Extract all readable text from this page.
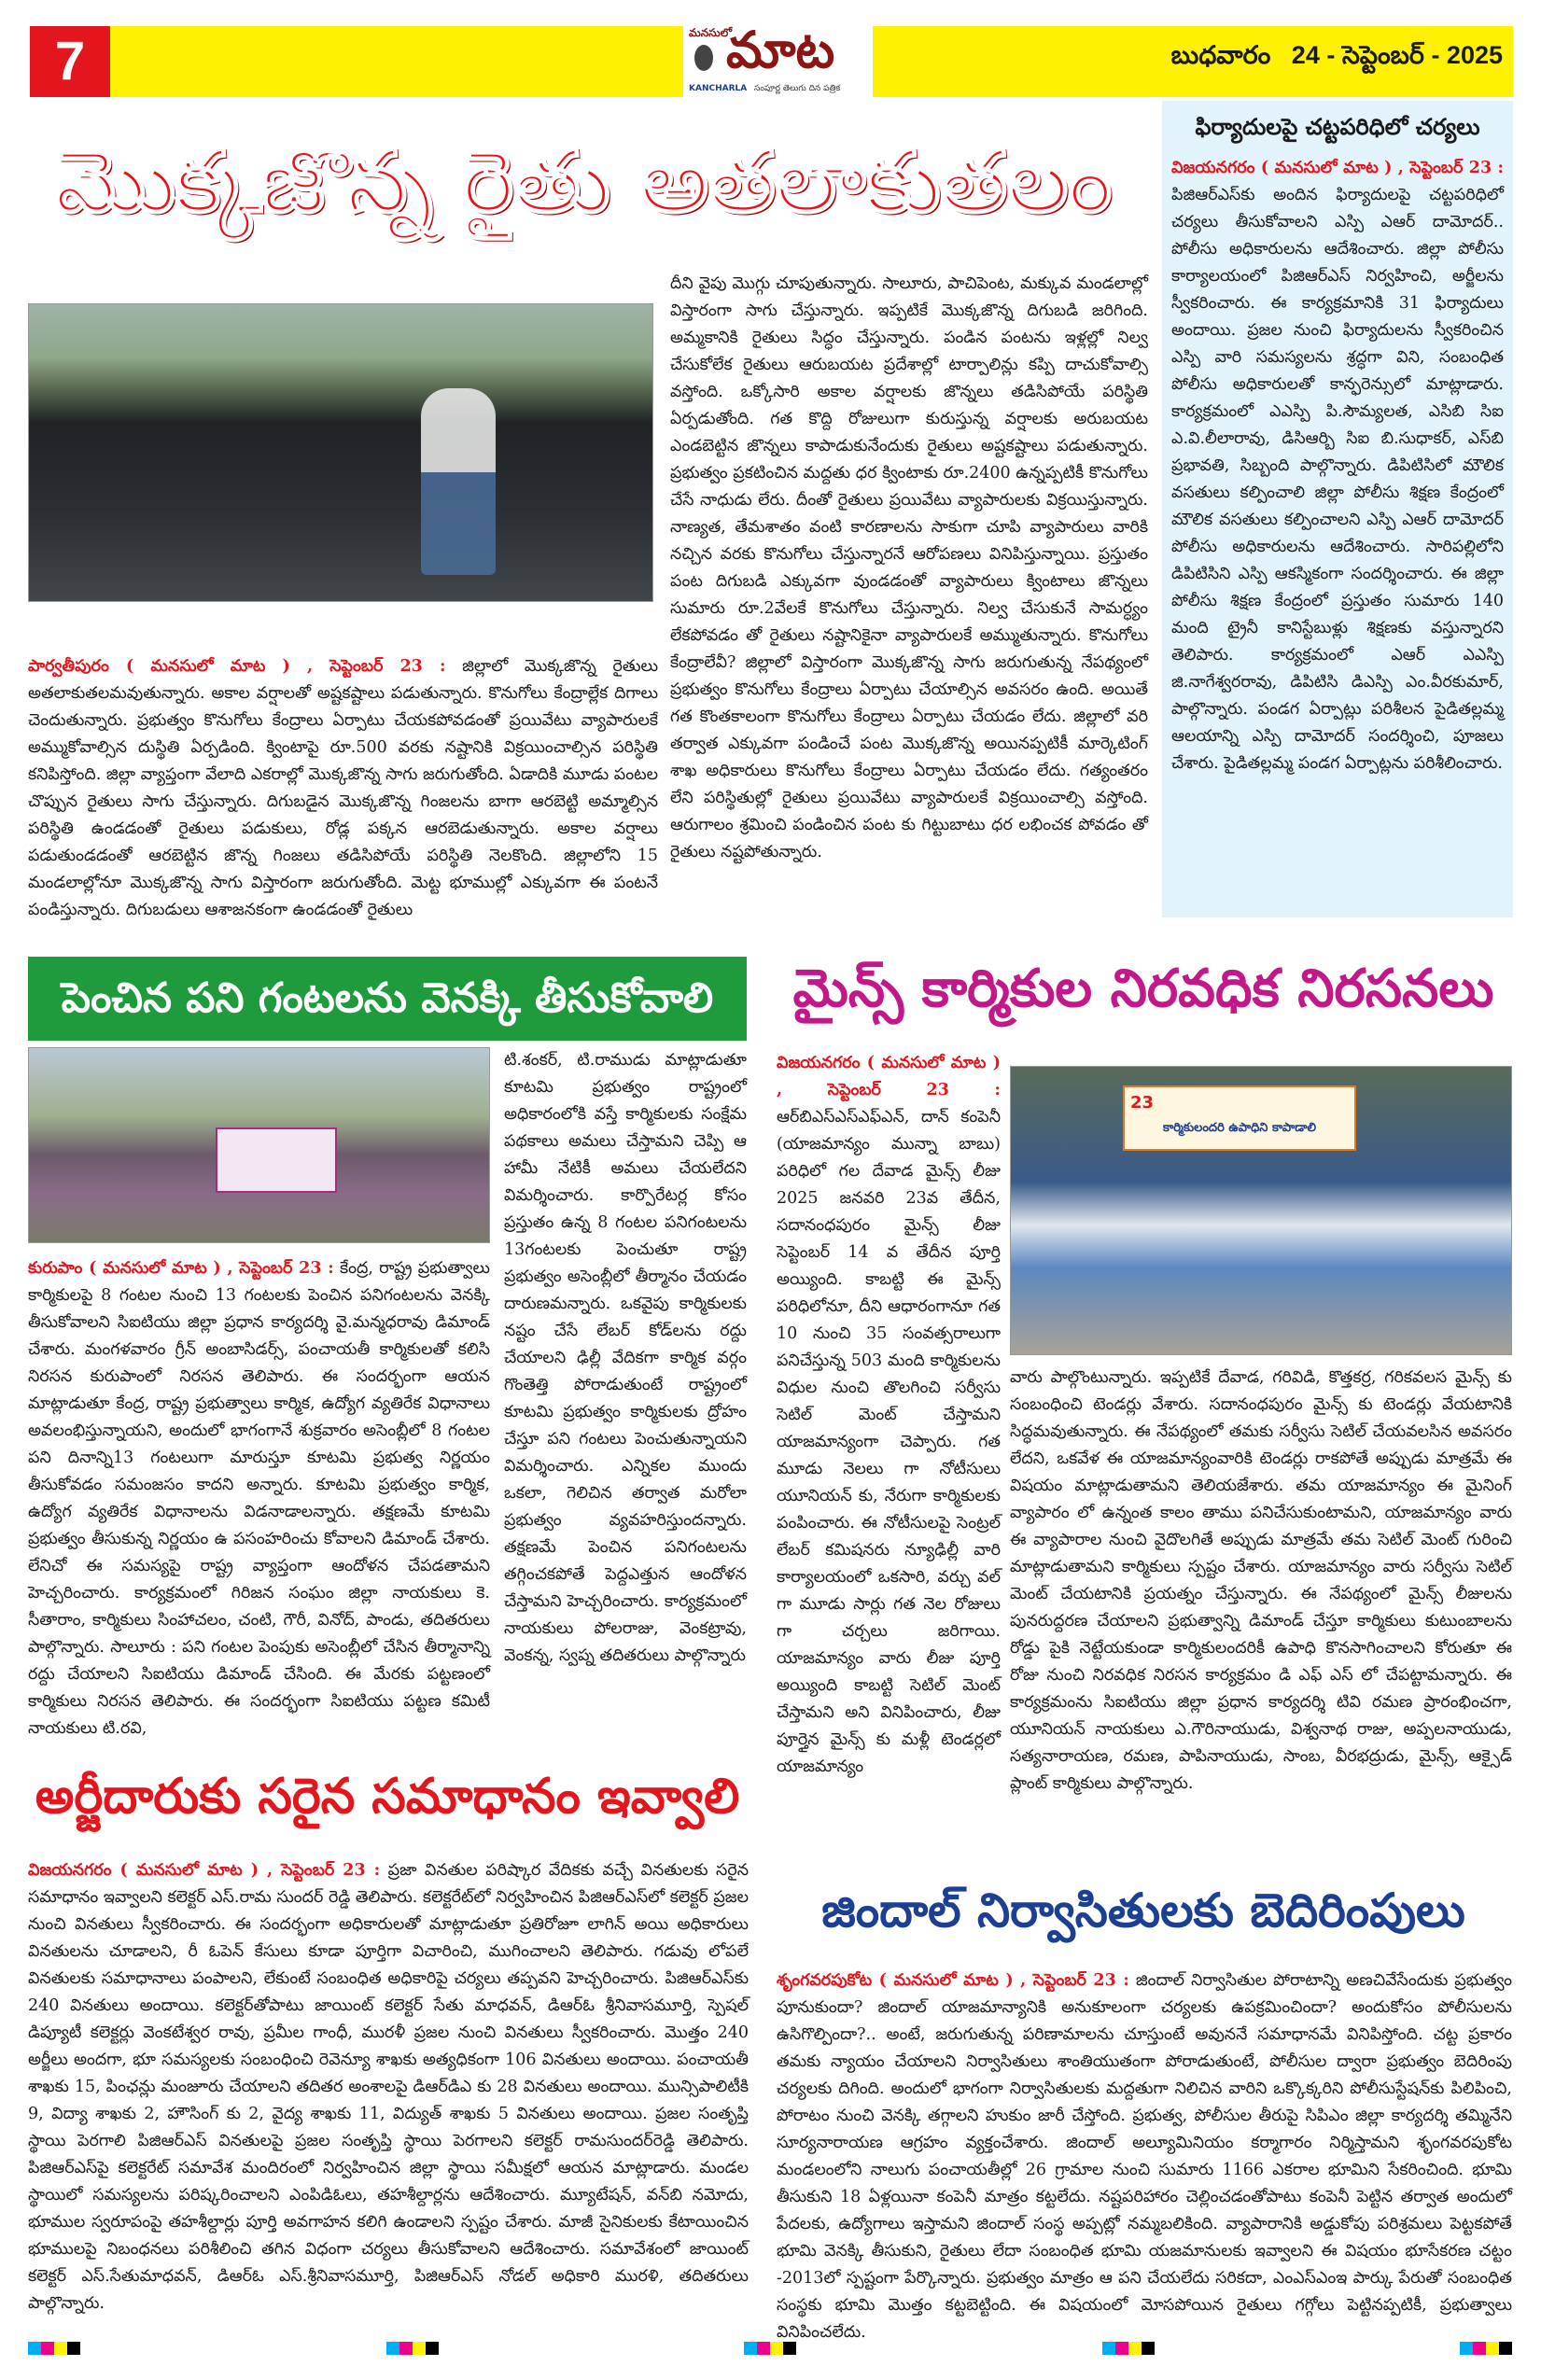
7	మనసులో
మాట
KANCHARLA సంపూర్ణ తెలుగు దిన పత్రిక
బుధవారం   24 - సెప్టెంబర్ - 2025
మొక్కజొన్న రైతు అతలాకుతలం
పార్వతీపురం ( మనసులో మాట ) , సెప్టెంబర్ 23 : జిల్లాలో మొక్కజొన్న రైతులు అతలాకుతలమవుతున్నారు. అకాల వర్షాలతో అష్టకష్టాలు పడుతున్నారు. కొనుగోలు కేంద్రాల్లేక దిగాలు చెందుతున్నారు. ప్రభుత్వం కొనుగోలు కేంద్రాలు ఏర్పాటు చేయకపోవడంతో ప్రయివేటు వ్యాపారులకే అమ్ముకోవాల్సిన దుస్థితి ఏర్పడింది. క్వింటాపై రూ.500 వరకు నష్టానికి విక్రయించాల్సిన పరిస్థితి కనిపిస్తోంది. జిల్లా వ్యాప్తంగా వేలాది ఎకరాల్లో మొక్కజొన్న సాగు జరుగుతోంది. ఏడాదికి మూడు పంటల చొప్పున రైతులు సాగు చేస్తున్నారు. దిగుబడైన మొక్కజొన్న గింజలను బాగా ఆరబెట్టి అమ్మాల్సిన పరిస్థితి ఉండడంతో రైతులు పడుకులు, రోడ్ల పక్కన ఆరబెడుతున్నారు. అకాల వర్షాలు పడుతుండడంతో ఆరబెట్టిన జొన్న గింజలు తడిసిపోయే పరిస్థితి నెలకొంది. జిల్లాలోని 15 మండలాల్లోనూ మొక్కజొన్న సాగు విస్తారంగా జరుగుతోంది. మెట్ట భూముల్లో ఎక్కువగా ఈ పంటనే పండిస్తున్నారు. దిగుబడులు ఆశాజనకంగా ఉండడంతో రైతులు
దీని వైపు మొగ్గు చూపుతున్నారు. సాలూరు, పాచిపెంట, మక్కువ మండలాల్లో విస్తారంగా సాగు చేస్తున్నారు. ఇప్పటికే మొక్కజొన్న దిగుబడి జరిగింది. అమ్మకానికి రైతులు సిద్ధం చేస్తున్నారు. పండిన పంటను ఇళ్లల్లో నిల్వ చేసుకోలేక రైతులు ఆరుబయట ప్రదేశాల్లో టార్పాలిన్లు కప్పి దాచుకోవాల్సి వస్తోంది. ఒక్కోసారి అకాల వర్షాలకు జొన్నలు తడిసిపోయే పరిస్థితి ఏర్పడుతోంది. గత కొద్ది రోజులుగా కురుస్తున్న వర్షాలకు అరుబయట ఎండబెట్టిన జొన్నలు కాపాడుకునేందుకు రైతులు అష్టకష్టాలు పడుతున్నారు. ప్రభుత్వం ప్రకటించిన మద్దతు ధర క్వింటాకు రూ.2400 ఉన్నప్పటికీ కొనుగోలు చేసే నాధుడు లేరు. దీంతో రైతులు ప్రయివేటు వ్యాపారులకు విక్రయిస్తున్నారు. నాణ్యత, తేమశాతం వంటి కారణాలను సాకుగా చూపి వ్యాపారులు వారికి నచ్చిన వరకు కొనుగోలు చేస్తున్నారనే ఆరోపణలు వినిపిస్తున్నాయి. ప్రస్తుతం పంట దిగుబడి ఎక్కువగా వుండడంతో వ్యాపారులు క్వింటాలు జొన్నలు సుమారు రూ.2వేలకే కొనుగోలు చేస్తున్నారు. నిల్వ చేసుకునే సామర్ధ్యం లేకపోవడం తో రైతులు నష్టానికైనా వ్యాపారులకే అమ్ముతున్నారు. కొనుగోలు కేంద్రాలేవీ? జిల్లాలో విస్తారంగా మొక్కజొన్న సాగు జరుగుతున్న నేపథ్యంలో ప్రభుత్వం కొనుగోలు కేంద్రాలు ఏర్పాటు చేయాల్సిన అవసరం ఉంది. అయితే గత కొంతకాలంగా కొనుగోలు కేంద్రాలు ఏర్పాటు చేయడం లేదు. జిల్లాలో వరి తర్వాత ఎక్కువగా పండించే పంట మొక్కజొన్న అయినప్పటికీ మార్కెటింగ్ శాఖ అధికారులు కొనుగోలు కేంద్రాలు ఏర్పాటు చేయడం లేదు. గత్యంతరం లేని పరిస్థితుల్లో రైతులు ప్రయివేటు వ్యాపారులకే విక్రయించాల్సి వస్తోంది. ఆరుగాలం శ్రమించి పండించిన పంట కు గిట్టుబాటు ధర లభించక పోవడం తో రైతులు నష్టపోతున్నారు.
ఫిర్యాదులపై చట్టపరిధిలో చర్యలు
విజయనగరం ( మనసులో మాట ) , సెప్టెంబర్ 23 : పిజిఆర్ఎస్‌కు అందిన ఫిర్యాదులపై చట్టపరిధిలో చర్యలు తీసుకోవాలని ఎస్పి ఎఆర్ దామోదర్.. పోలీసు అధికారులను ఆదేశించారు. జిల్లా పోలీసు కార్యాలయంలో పిజిఆర్ఎస్ నిర్వహించి, అర్జీలను స్వీకరించారు. ఈ కార్యక్రమానికి 31 ఫిర్యాదులు అందాయి. ప్రజల నుంచి ఫిర్యాదులను స్వీకరించిన ఎస్పి వారి సమస్యలను శ్రద్ధగా విని, సంబంధిత పోలీసు అధికారులతో కాన్ఫరెన్సులో మాట్లాడారు. కార్యక్రమంలో ఎఎస్పి పి.సౌమ్యలత, ఎసిబి సిఐ ఎ.వి.లీలారావు, డిసిఆర్బి సిఐ బి.సుధాకర్, ఎస్‌బి ప్రభావతి, సిబ్బంది పాల్గొన్నారు. డిపిటిసిలో మౌలిక వసతులు కల్పించాలి జిల్లా పోలీసు శిక్షణ కేంద్రంలో మౌలిక వసతులు కల్పించాలని ఎస్పి ఎఆర్ దామోదర్ పోలీసు అధికారులను ఆదేశించారు. సారిపల్లిలోని డిపిటిసిని ఎస్పి ఆకస్మికంగా సందర్శించారు. ఈ జిల్లా పోలీసు శిక్షణ కేంద్రంలో ప్రస్తుతం సుమారు 140 మంది ట్రైనీ కానిస్టేబుళ్లు శిక్షణకు వస్తున్నారని తెలిపారు. కార్యక్రమంలో ఎఆర్ ఎఎస్పి జి.నాగేశ్వరరావు, డిపిటిసి డిఎస్పి ఎం.వీరకుమార్, పాల్గొన్నారు. పండగ ఏర్పాట్లు పరిశీలన పైడితల్లమ్మ ఆలయాన్ని ఎస్పి దామోదర్ సందర్శించి, పూజలు చేశారు. పైడితల్లమ్మ పండగ ఏర్పాట్లను పరిశీలించారు.
పెంచిన పని గంటలను వెనక్కి తీసుకోవాలి
కురుపాం ( మనసులో మాట ) , సెప్టెంబర్ 23 : కేంద్ర, రాష్ట్ర ప్రభుత్వాలు కార్మికులపై 8 గంటల నుంచి 13 గంటలకు పెంచిన పనిగంటలను వెనక్కి తీసుకోవాలని సిఐటియు జిల్లా ప్రధాన కార్యదర్శి వై.మన్మధరావు డిమాండ్ చేశారు. మంగళవారం గ్రీన్ అంబాసిడర్స్, పంచాయతీ కార్మికులతో కలిసి నిరసన కురుపాంలో నిరసన తెలిపారు. ఈ సందర్భంగా ఆయన మాట్లాడుతూ కేంద్ర, రాష్ట్ర ప్రభుత్వాలు కార్మిక, ఉద్యోగ వ్యతిరేక విధానాలు అవలంభిస్తున్నాయని, అందులో భాగంగానే శుక్రవారం అసెంబ్లీలో 8 గంటల పని దినాన్ని13 గంటలుగా మారుస్తూ కూటమి ప్రభుత్వ నిర్ణయం తీసుకోవడం సమంజసం కాదని అన్నారు. కూటమి ప్రభుత్వం కార్మిక, ఉద్యోగ వ్యతిరేక విధానాలను విడనాడాలన్నారు. తక్షణమే కూటమి ప్రభుత్వం తీసుకున్న నిర్ణయం ఉ పసంహరించు కోవాలని డిమాండ్ చేశారు. లేనిచో ఈ సమస్యపై రాష్ట్ర వ్యాప్తంగా ఆందోళన చేపడతామని హెచ్చరించారు. కార్యక్రమంలో గిరిజన సంఘం జిల్లా నాయకులు కె. సీతారాం, కార్మికులు సింహాచలం, చంటి, గౌరీ, వినోద్, పాండు, తదితరులు పాల్గొన్నారు. సాలూరు : పని గంటల పెంపుకు అసెంబ్లీలో చేసిన తీర్మానాన్ని రద్దు చేయాలని సిఐటియు డిమాండ్ చేసింది. ఈ మేరకు పట్టణంలో కార్మికులు నిరసన తెలిపారు. ఈ సందర్భంగా సిఐటియు పట్టణ కమిటీ నాయకులు టి.రవి,
టి.శంకర్, టి.రాముడు మాట్లాడుతూ కూటమి ప్రభుత్వం రాష్ట్రంలో అధికారంలోకి వస్తే కార్మికులకు సంక్షేమ పథకాలు అమలు చేస్తామని చెప్పి ఆ హామీ నేటికీ అమలు చేయలేదని విమర్శించారు. కార్పొరేటర్ల కోసం ప్రస్తుతం ఉన్న 8 గంటల పనిగంటలను 13గంటలకు పెంచుతూ రాష్ట్ర ప్రభుత్వం అసెంబ్లీలో తీర్మానం చేయడం దారుణమన్నారు. ఒకవైపు కార్మికులకు నష్టం చేసే లేబర్ కోడ్‌లను రద్దు చేయాలని ఢిల్లీ వేదికగా కార్మిక వర్గం గొంతెత్తి పోరాడుతుంటే రాష్ట్రంలో కూటమి ప్రభుత్వం కార్మికులకు ద్రోహం చేస్తూ పని గంటలు పెంచుతున్నాయని విమర్శించారు. ఎన్నికల ముందు ఒకలా, గెలిచిన తర్వాత మరోలా ప్రభుత్వం వ్యవహరిస్తుందన్నారు. తక్షణమే పెంచిన పనిగంటలను తగ్గించకపోతే పెద్దఎత్తున ఆందోళన చేస్తామని హెచ్చరించారు. కార్యక్రమంలో నాయకులు పోలరాజు, వెంకట్రావు, వెంకన్న, స్వప్న తదితరులు పాల్గొన్నారు
మైన్స్ కార్మికుల నిరవధిక నిరసనలు
విజయనగరం ( మనసులో మాట ) , సెప్టెంబర్ 23 : ఆర్‌బిఎస్‌ఎస్‌ఎఫ్‌ఎన్, దాన్ కంపెనీ (యాజమాన్యం మున్నా బాబు) పరిధిలో గల దేవాడ మైన్స్ లీజు 2025 జనవరి 23వ తేదీన, సదానంధపురం మైన్స్ లీజు సెప్టెంబర్ 14 వ తేదీన పూర్తి అయ్యింది. కాబట్టి ఈ మైన్స్ పరిధిలోనూ, దీని ఆధారంగానూ గత 10 నుంచి 35 సంవత్సరాలుగా పనిచేస్తున్న 503 మంది కార్మికులను విధుల నుంచి తొలగించి సర్వీసు సెటిల్ మెంట్ చేస్తామని యాజమాన్యంగా చెప్పారు. గత మూడు నెలలు గా నోటీసులు యూనియన్ కు, నేరుగా కార్మికులకు పంపించారు. ఈ నోటీసులపై సెంట్రల్ లేబర్ కమిషనరు న్యూఢిల్లీ వారి కార్యాలయంలో ఒకసారి, వర్చు వల్ గా మూడు సార్లు గత నెల రోజులు గా చర్చలు జరిగాయి. యాజమాన్యం వారు లీజు పూర్తి అయ్యింది కాబట్టి సెటిల్ మెంట్ చేస్తామని అని వినిపించారు, లీజు పూర్తైన మైన్స్ కు మళ్లీ టెండర్లలో యాజమాన్యం
23
కార్మికులందరి ఉపాధిని కాపాడాలి
వారు పాల్గొంటున్నారు. ఇప్పటికే దేవాడ, గరివిడి, కొత్తకర్ర, గరికవలస మైన్స్ కు సంబంధించి టెండర్లు వేశారు. సదానంధపురం మైన్స్ కు టెండర్లు వేయటానికి సిద్ధమవుతున్నారు. ఈ నేపథ్యంలో తమకు సర్వీసు సెటిల్ చేయవలసిన అవసరం లేదని, ఒకవేళ ఈ యాజమాన్యంవారికి టెండర్లు రాకపోతే అప్పుడు మాత్రమే ఈ విషయం మాట్లాడుతామని తెలియజేశారు. తమ యాజమాన్యం ఈ మైనింగ్ వ్యాపారం లో ఉన్నంత కాలం తాము పనిచేసుకుంటామని, యాజమాన్యం వారు ఈ వ్యాపారాల నుంచి వైదొలగితే అప్పుడు మాత్రమే తమ సెటిల్ మెంట్ గురించి మాట్లాడుతామని కార్మికులు స్పష్టం చేశారు. యాజమాన్యం వారు సర్వీసు సెటిల్ మెంట్ చేయటానికి ప్రయత్నం చేస్తున్నారు. ఈ నేపథ్యంలో మైన్స్ లీజులను పునరుద్దరణ చేయాలని ప్రభుత్వాన్ని డిమాండ్ చేస్తూ కార్మికులు కుటుంబాలను రోడ్డు పైకి నెట్టేయకుండా కార్మికులందరికీ ఉపాధి కొనసాగించాలని కోరుతూ ఈ రోజు నుంచి నిరవధిక నిరసన కార్యక్రమం డి ఎఫ్ ఎస్ లో చేపట్టామన్నారు. ఈ కార్యక్రమంను సిఐటియు జిల్లా ప్రధాన కార్యదర్శి టివి రమణ ప్రారంభించగా, యూనియన్ నాయకులు ఎ.గౌరినాయుడు, విశ్వనాథ రాజు, అప్పలనాయుడు, సత్యనారాయణ, రమణ, పాపినాయుడు, సాంబ, వీరభద్రుడు, మైన్స్, ఆక్సైడ్ ప్లాంట్ కార్మికులు పాల్గొన్నారు.
అర్జీదారుకు సరైన సమాధానం ఇవ్వాలి
విజయనగరం ( మనసులో మాట ) , సెప్టెంబర్ 23 : ప్రజా వినతుల పరిష్కార వేదికకు వచ్చే వినతులకు సరైన సమాధానం ఇవ్వాలని కలెక్టర్ ఎస్.రామ సుందర్ రెడ్డి తెలిపారు. కలెక్టరేట్‌లో నిర్వహించిన పిజిఆర్ఎస్‌లో కలెక్టర్ ప్రజల నుంచి వినతులు స్వీకరించారు. ఈ సందర్భంగా అధికారులతో మాట్లాడుతూ ప్రతిరోజూ లాగిన్ అయి అధికారులు వినతులను చూడాలని, రీ ఓపెన్ కేసులు కూడా పూర్తిగా విచారించి, ముగించాలని తెలిపారు. గడువు లోపలే వినతులకు సమాధానాలు పంపాలని, లేకుంటే సంబంధిత అధికారిపై చర్యలు తప్పవని హెచ్చరించారు. పిజిఆర్ఎస్‌కు 240 వినతులు అందాయి. కలెక్టర్‌తోపాటు జాయింట్ కలెక్టర్ సేతు మాధవన్, డిఆర్ఓ శ్రీనివాసమూర్తి, స్పెషల్ డిప్యూటీ కలెక్టర్లు వెంకటేశ్వర రావు, ప్రమీల గాంధీ, మురళీ ప్రజల నుంచి వినతులు స్వీకరించారు. మొత్తం 240 అర్జీలు అందగా, భూ సమస్యలకు సంబంధించి రెవెన్యూ శాఖకు అత్యధికంగా 106 వినతులు అందాయి. పంచాయతీ శాఖకు 15, పింఛన్లు మంజూరు చేయాలని తదితర అంశాలపై డిఆర్‌డిఎ కు 28 వినతులు అందాయి. మున్సిపాలిటీకి 9, విద్యా శాఖకు 2, హౌసింగ్ కు 2, వైద్య శాఖకు 11, విద్యుత్ శాఖకు 5 వినతులు అందాయి. ప్రజల సంతృప్తి స్థాయి పెరగాలి పిజిఆర్ఎస్ వినతులపై ప్రజల సంతృప్తి స్థాయి పెరగాలని కలెక్టర్ రామసుందర్‌రెడ్డి తెలిపారు. పిజిఆర్ఎస్‌పై కలెక్టరేట్ సమావేశ మందిరంలో నిర్వహించిన జిల్లా స్థాయి సమీక్షలో ఆయన మాట్లాడారు. మండల స్థాయిలో సమస్యలను పరిష్కరించాలని ఎంపిడిఓలు, తహశీల్దార్లను ఆదేశించారు. మ్యూటేషన్, వన్‌బి నమోదు, భూముల స్వరూపంపై తహశీల్దార్లు పూర్తి అవగాహన కలిగి ఉండాలని స్పష్టం చేశారు. మాజీ సైనికులకు కేటాయించిన భూములపై నిబంధనలు పరిశీలించి తగిన విధంగా చర్యలు తీసుకోవాలని ఆదేశించారు. సమావేశంలో జాయింట్ కలెక్టర్ ఎస్.సేతుమాధవన్, డిఆర్ఓ ఎస్.శ్రీనివాసమూర్తి, పిజిఆర్ఎస్ నోడల్ అధికారి మురళి, తదితరులు పాల్గొన్నారు.
జిందాల్ నిర్వాసితులకు బెదిరింపులు
శృంగవరపుకోట ( మనసులో మాట ) , సెప్టెంబర్ 23 : జిందాల్ నిర్వాసితుల పోరాటాన్ని అణచివేసేందుకు ప్రభుత్వం పూనుకుందా? జిందాల్ యాజమాన్యానికి అనుకూలంగా చర్యలకు ఉపక్రమించిందా? అందుకోసం పోలీసులను ఉసిగొల్పిందా?.. అంటే, జరుగుతున్న పరిణామాలను చూస్తుంటే అవుననే సమాధానమే వినిపిస్తోంది. చట్ట ప్రకారం తమకు న్యాయం చేయాలని నిర్వాసితులు శాంతియుతంగా పోరాడుతుంటే, పోలీసుల ద్వారా ప్రభుత్వం బెదిరింపు చర్యలకు దిగింది. అందులో భాగంగా నిర్వాసితులకు మద్దతుగా నిలిచిన వారిని ఒక్కొక్కరిని పోలీసుస్టేషన్‌కు పిలిపించి, పోరాటం నుంచి వెనక్కి తగ్గాలని హుకుం జారీ చేస్తోంది. ప్రభుత్వ, పోలీసుల తీరుపై సిపిఎం జిల్లా కార్యదర్శి తమ్మినేని సూర్యనారాయణ ఆగ్రహం వ్యక్తంచేశారు. జిందాల్ అల్యూమినియం కర్మాగారం నిర్మిస్తామని శృంగవరపుకోట మండలంలోని నాలుగు పంచాయతీల్లో 26 గ్రామాల నుంచి సుమారు 1166 ఎకరాల భూమిని సేకరించింది. భూమి తీసుకుని 18 ఏళ్లయినా కంపెనీ మాత్రం కట్టలేదు. నష్టపరిహారం చెల్లించడంతోపాటు కంపెనీ పెట్టిన తర్వాత అందులో పేదలకు, ఉద్యోగాలు ఇస్తామని జిందాల్ సంస్థ అప్పట్లో నమ్మబలికింది. వ్యాపారానికి అడ్డుకోపు పరిశ్రమలు పెట్టకపోతే భూమి వెనక్కి తీసుకుని, రైతులు లేదా సంబంధిత భూమి యజమానులకు ఇవ్వాలని ఈ విషయం భూసేకరణ చట్టం -2013లో స్పష్టంగా పేర్కొన్నారు. ప్రభుత్వం మాత్రం ఆ పని చేయలేదు సరికదా, ఎంఎస్ఎంఇ పార్కు పేరుతో సంబంధిత సంస్థకు భూమి మొత్తం కట్టబెట్టింది. ఈ విషయంలో మోసపోయిన రైతులు గగ్గోలు పెట్టినప్పటికీ, ప్రభుత్వాలు వినిపించలేదు.
